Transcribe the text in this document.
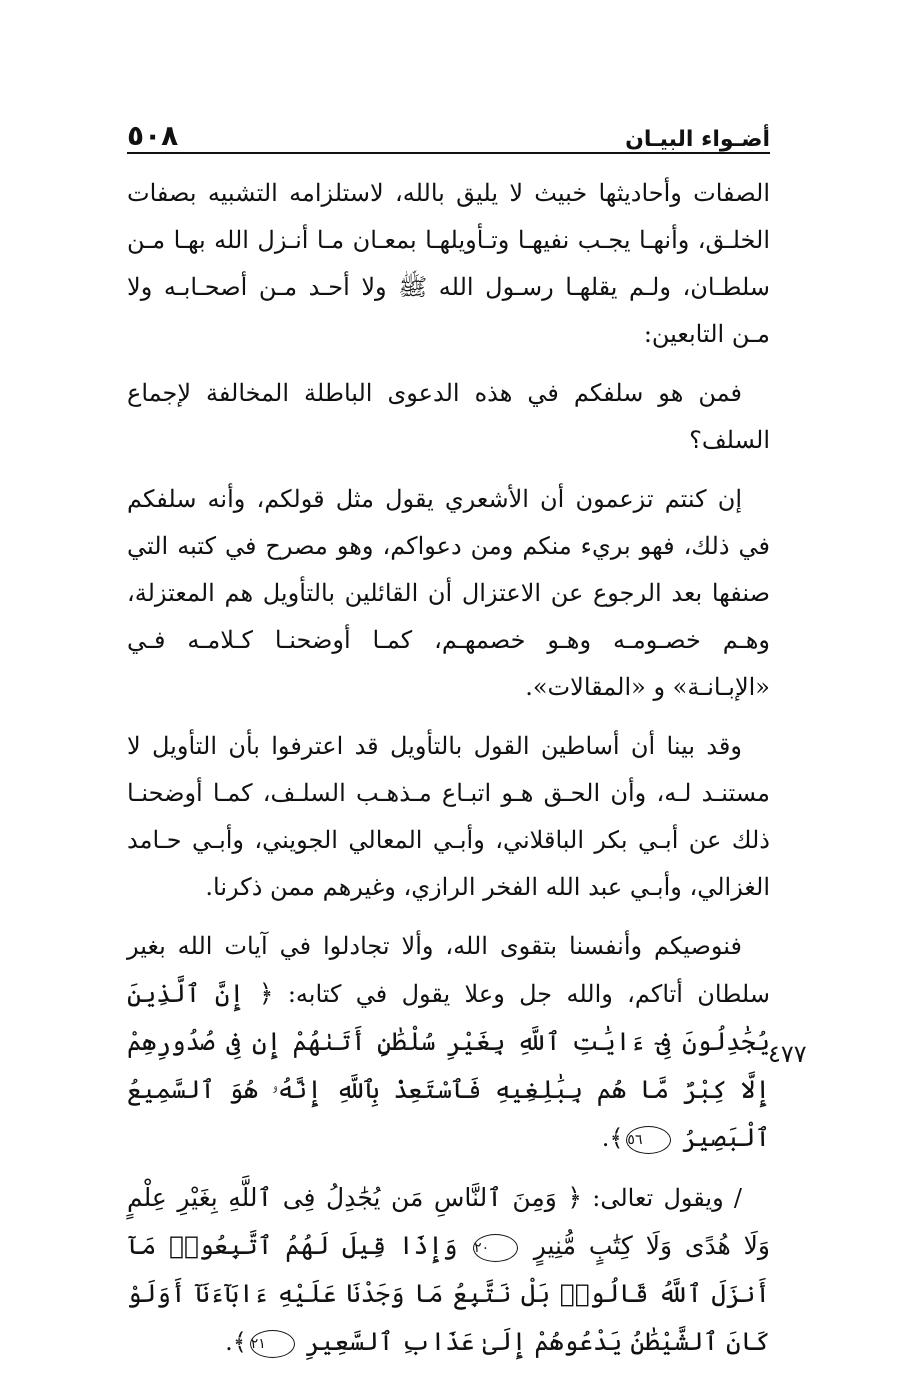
أضـواء البيـان
٥٠٨

الصفات وأحاديثها خبيث لا يليق بالله، لاستلزامه التشبيه بصفات الخلـق، وأنهـا يجـب نفيهـا وتـأويلهـا بمعـان مـا أنـزل الله بهـا مـن سلطـان، ولـم يقلهـا رسـول الله ﷺ ولا أحـد مـن أصحـابـه ولا مـن التابعين:

فمن هو سلفكم في هذه الدعوى الباطلة المخالفة لإجماع السلف؟

إن كنتم تزعمون أن الأشعري يقول مثل قولكم، وأنه سلفكم في ذلك، فهو بريء منكم ومن دعواكم، وهو مصرح في كتبه التي صنفها بعد الرجوع عن الاعتزال أن القائلين بالتأويل هم المعتزلة، وهـم خصـومـه وهـو خصمهـم، كمـا أوضحنـا كـلامـه فـي «الإبـانـة» و «المقالات».

وقد بينا أن أساطين القول بالتأويل قد اعترفوا بأن التأويل لا مستنـد لـه، وأن الحـق هـو اتبـاع مـذهـب السلـف، كمـا أوضحنـا ذلك عن أبـي بكر الباقلاني، وأبـي المعالي الجويني، وأبـي حـامد الغزالي، وأبـي عبد الله الفخر الرازي، وغيرهم ممن ذكرنا.

فنوصيكم وأنفسنا بتقوى الله، وألا تجادلوا في آيات الله بغير سلطان أتاكم، والله جل وعلا يقول في كتابه: ﴿ إِنَّ ٱلَّذِينَ يُجَٰدِلُونَ فِىٓ ءَايَٰتِ ٱللَّهِ بِغَيْرِ سُلْطَٰنٍ أَتَىٰهُمْ إِن فِى صُدُورِهِمْ إِلَّا كِبْرٌ مَّا هُم بِبَٰلِغِيهِ فَٱسْتَعِذْ بِٱللَّهِ إِنَّهُۥ هُوَ ٱلسَّمِيعُ ٱلْبَصِيرُ ٥٦﴾.

/ ويقول تعالى: ﴿ وَمِنَ ٱلنَّاسِ مَن يُجَٰدِلُ فِى ٱللَّهِ بِغَيْرِ عِلْمٍ وَلَا هُدًى وَلَا كِتَٰبٍ مُّنِيرٍ ٢٠ وَإِذَا قِيلَ لَهُمُ ٱتَّبِعُوا۟ مَآ أَنزَلَ ٱللَّهُ قَالُوا۟ بَلْ نَتَّبِعُ مَا وَجَدْنَا عَلَيْهِ ءَابَآءَنَآ أَوَلَوْ كَانَ ٱلشَّيْطَٰنُ يَدْعُوهُمْ إِلَىٰ عَذَابِ ٱلسَّعِيرِ ٢١﴾.

٤٧٧
